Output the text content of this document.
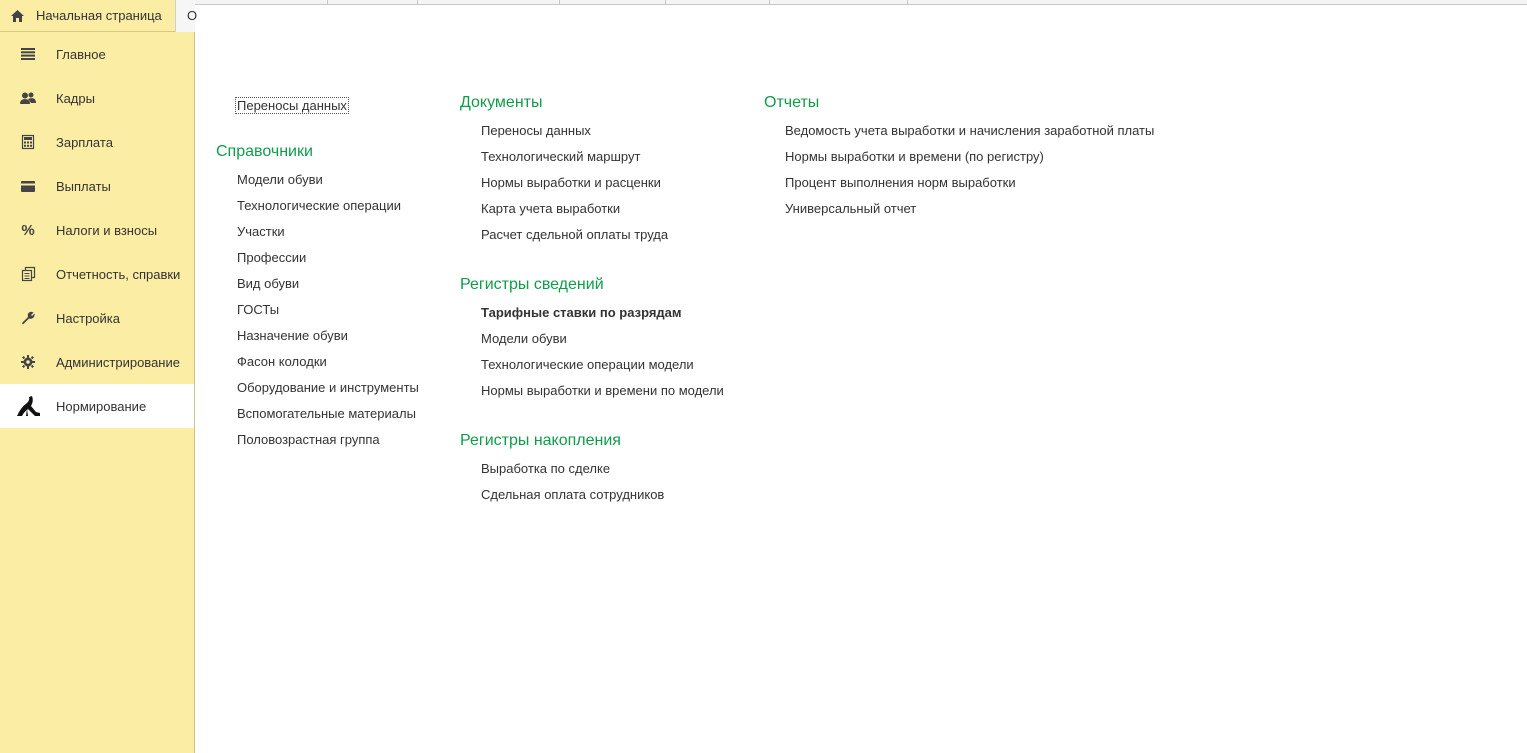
Начальная страница	О
Главное
Кадры
Зарплата
Выплаты
%	Налоги и взносы
Отчетность, справки
Настройка
Администрирование
Нормирование
Переносы данных
Справочники
Модели обуви
Технологические операции
Участки
Профессии
Вид обуви
ГОСТы
Назначение обуви
Фасон колодки
Оборудование и инструменты
Вспомогательные материалы
Половозрастная группа
Документы
Переносы данных
Технологический маршрут
Нормы выработки и расценки
Карта учета выработки
Расчет сдельной оплаты труда
Регистры сведений
Тарифные ставки по разрядам
Модели обуви
Технологические операции модели
Нормы выработки и времени по модели
Регистры накопления
Выработка по сделке
Сдельная оплата сотрудников
Отчеты
Ведомость учета выработки и начисления заработной платы
Нормы выработки и времени (по регистру)
Процент выполнения норм выработки
Универсальный отчет
